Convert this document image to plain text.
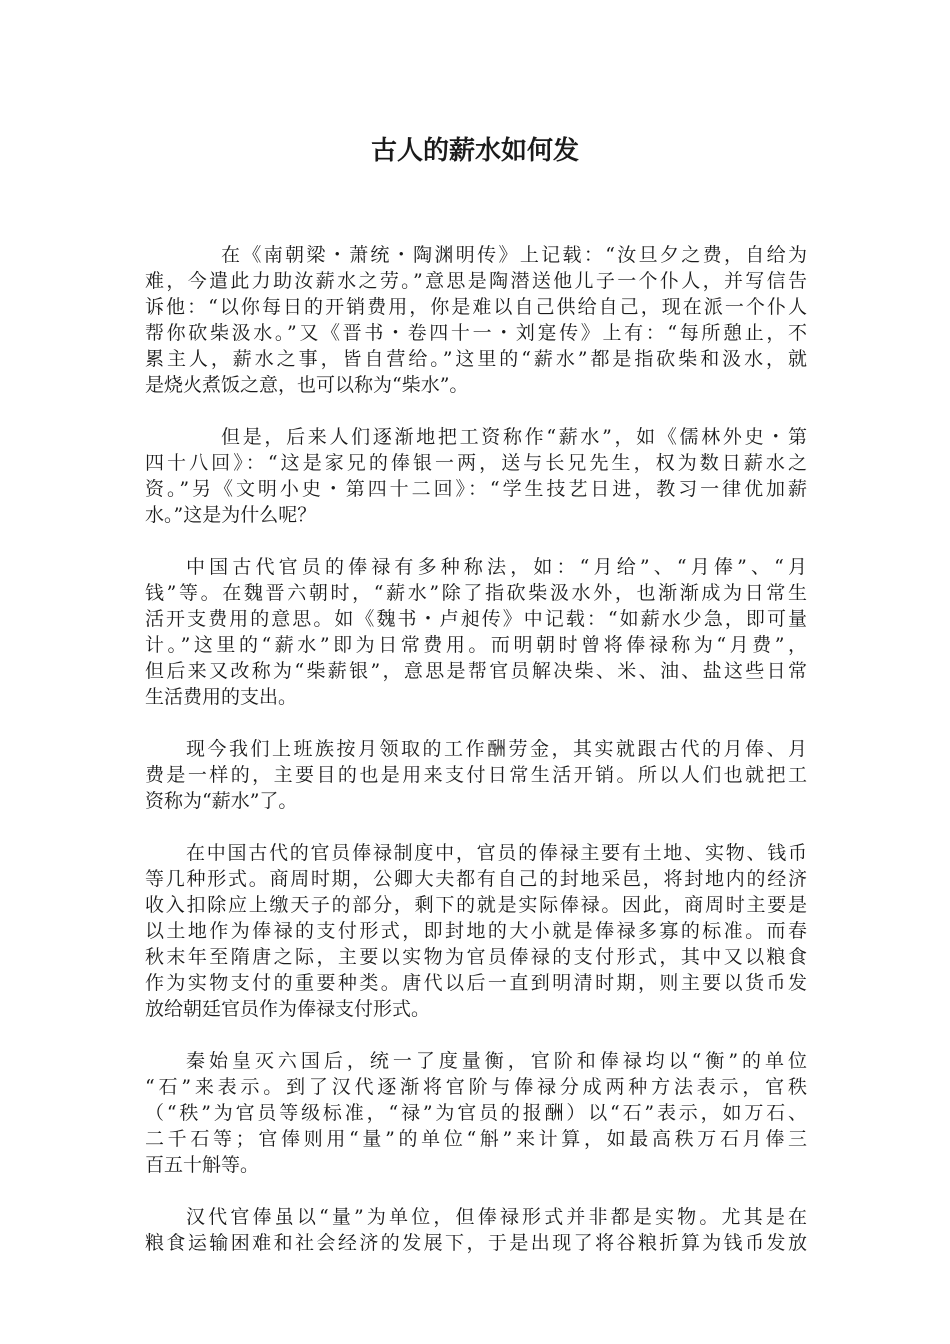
古人的薪水如何发
在《南朝梁・萧统・陶渊明传》上记载：“汝旦夕之费，自给为
难，今遣此力助汝薪水之劳。”意思是陶潜送他儿子一个仆人，并写信告
诉他：“以你每日的开销费用，你是难以自己供给自己，现在派一个仆人
帮你砍柴汲水。”又《晋书・卷四十一・刘寔传》上有：“每所憩止，不
累主人，薪水之事，皆自营给。”这里的“薪水”都是指砍柴和汲水，就
是烧火煮饭之意，也可以称为“柴水”。
但是，后来人们逐渐地把工资称作“薪水”，如《儒林外史・第
四十八回》：“这是家兄的俸银一两，送与长兄先生，权为数日薪水之
资。”另《文明小史・第四十二回》：“学生技艺日进，教习一律优加薪
水。”这是为什么呢？
中国古代官员的俸禄有多种称法，如：“月给”、“月俸”、“月
钱”等。在魏晋六朝时，“薪水”除了指砍柴汲水外，也渐渐成为日常生
活开支费用的意思。如《魏书・卢昶传》中记载：“如薪水少急，即可量
计。”这里的“薪水”即为日常费用。而明朝时曾将俸禄称为“月费”，
但后来又改称为“柴薪银”，意思是帮官员解决柴、米、油、盐这些日常
生活费用的支出。
现今我们上班族按月领取的工作酬劳金，其实就跟古代的月俸、月
费是一样的，主要目的也是用来支付日常生活开销。所以人们也就把工
资称为“薪水”了。
在中国古代的官员俸禄制度中，官员的俸禄主要有土地、实物、钱币
等几种形式。商周时期，公卿大夫都有自己的封地采邑，将封地内的经济
收入扣除应上缴天子的部分，剩下的就是实际俸禄。因此，商周时主要是
以土地作为俸禄的支付形式，即封地的大小就是俸禄多寡的标准。而春
秋末年至隋唐之际，主要以实物为官员俸禄的支付形式，其中又以粮食
作为实物支付的重要种类。唐代以后一直到明清时期，则主要以货币发
放给朝廷官员作为俸禄支付形式。
秦始皇灭六国后，统一了度量衡，官阶和俸禄均以“衡”的单位
“石”来表示。到了汉代逐渐将官阶与俸禄分成两种方法表示，官秩
（“秩”为官员等级标准，“禄”为官员的报酬）以“石”表示，如万石、
二千石等；官俸则用“量”的单位“斛”来计算，如最高秩万石月俸三
百五十斛等。
汉代官俸虽以“量”为单位，但俸禄形式并非都是实物。尤其是在
粮食运输困难和社会经济的发展下，于是出现了将谷粮折算为钱币发放
